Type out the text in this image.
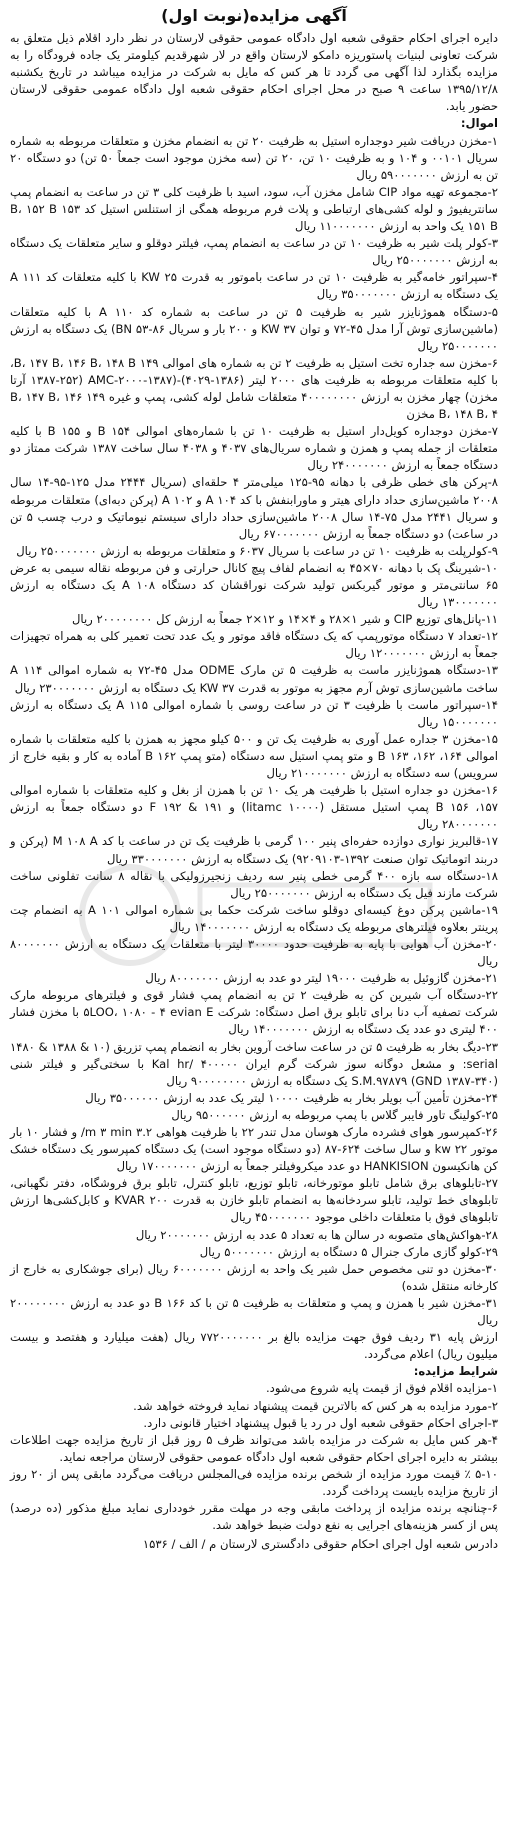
آگهی مزایده(نوبت اول)

دایره اجرای احکام حقوقی شعبه اول دادگاه عمومی حقوقی لارستان در نظر دارد اقلام ذیل متعلق به شرکت تعاونی لبنیات پاستوریزه دامکو لارستان واقع در لار شهرقدیم کیلومتر یک جاده فرودگاه را به مزایده بگذارد لذا آگهی می گردد تا هر کس که مایل به شرکت در مزایده میباشد در تاریخ یکشنبه ۱۳۹۵/۱۲/۸ ساعت ۹ صبح در محل اجرای احکام حقوقی شعبه اول دادگاه عمومی حقوقی لارستان حضور یابد.

اموال:

۱-مخزن دریافت شیر دوجداره استیل به ظرفیت ۲۰ تن به انضمام مخزن و متعلقات مربوطه به شماره سریال ۰۰۱۰۱ و ۱۰۴ و به ظرفیت ۱۰ تن، ۲۰ تن (سه مخزن موجود است جمعاً ۵۰ تن) دو دستگاه ۲۰ تن به ارزش ۵۹۰۰۰۰۰۰۰ ریال

۲-مجموعه تهیه مواد CIP شامل مخزن آب، سود، اسید با ظرفیت کلی ۳ تن در ساعت به انضمام پمپ سانتریفیوژ و لوله کشی‌های ارتباطی و پلات فرم مربوطه همگی از استنلس استیل کد ۱۵۳ B، ۱۵۲ B ۱۵۱ B یک واحد به ارزش ۱۱۰۰۰۰۰۰۰ ریال

۳-کولر پلت شیر به ظرفیت ۱۰ تن در ساعت به انضمام پمپ، فیلتر دوقلو و سایر متعلقات یک دستگاه به ارزش ۲۵۰۰۰۰۰۰۰ ریال

۴-سپراتور خامه‌گیر به ظرفیت ۱۰ تن در ساعت باموتور به قدرت ۲۵ KW با کلیه متعلقات کد ۱۱۱ A یک دستگاه به ارزش ۳۵۰۰۰۰۰۰۰ ریال

۵-دستگاه هموژنایزر شیر به ظرفیت ۵ تن در ساعت به شماره کد ۱۱۰ A با کلیه متعلقات (ماشین‌سازی توش آرا مدل ۴۵-۷۲ و توان ۳۷ KW و ۲۰۰ بار و سریال ۸۶-۵۳ BN) یک دستگاه به ارزش ۲۵۰۰۰۰۰۰۰ ریال

۶-مخزن سه جداره تخت استیل به ظرفیت ۲ تن به شماره های اموالی ۱۴۹ B، ۱۴۷ B، ۱۴۶ B، ۱۴۸ B، با کلیه متعلقات مربوطه به ظرفیت های ۲۰۰۰ لیتر (۱۳۸۶-۴۰۲۹)-(۱۳۸۷-۲۰۰۰-AMC (۱۳۸۷-۲۵۲ آرتا مخزن) چهار مخزن به ارزش ۴۰۰۰۰۰۰۰۰ متعلقات شامل لوله کشی، پمپ و غیره ۱۴۹ B، ۱۴۷ B، ۱۴۶ B، ۱۴۸ B، ۴ مخزن

۷-مخزن دوجداره کویل‌دار استیل به ظرفیت ۱۰ تن با شماره‌های اموالی ۱۵۴ B و ۱۵۵ B با کلیه متعلقات از جمله پمپ و همزن و شماره سریال‌های ۴۰۳۷ و ۴۰۳۸ سال ساخت ۱۳۸۷ شرکت ممتاز دو دستگاه جمعاً به ارزش ۲۴۰۰۰۰۰۰۰ ریال

۸-پرکن های خطی ظرفی با دهانه ۹۵-۱۲۵ میلی‌متر ۴ حلقه‌ای (سریال ۲۴۴۴ مدل ۱۲۵-۹۵-۱۴ سال ۲۰۰۸ ماشین‌سازی حداد دارای هیتر و ماورابنفش با کد ۱۰۴ A و ۱۰۲ A (پرکن دبه‌ای) متعلقات مربوطه و سریال ۲۴۴۱ مدل ۷۵-۱۴ سال ۲۰۰۸ ماشین‌سازی حداد دارای سیستم نیوماتیک و درب چسب ۵ تن در ساعت) دو دستگاه جمعاً به ارزش ۶۷۰۰۰۰۰۰۰ ریال

۹-کولرپلت به ظرفیت ۱۰ تن در ساعت با سریال ۶۰۳۷ و متعلقات مربوطه به ارزش ۲۵۰۰۰۰۰۰۰ ریال

۱۰-شیرینگ پک با دهانه ۷۰×۴۵ به انضمام لفاف پیچ کانال حرارتی و فن مربوطه نقاله سیمی به عرض ۶۵ سانتی‌متر و موتور گیربکس تولید شرکت نوراقشان کد دستگاه ۱۰۸ A یک دستگاه به ارزش ۱۳۰۰۰۰۰۰۰ ریال

۱۱-پانل‌های توزیع CIP و شیر ۱×۲۸ و ۴×۱۴ و ۱۲×۲ جمعاً به ارزش کل ۲۰۰۰۰۰۰۰۰ ریال

۱۲-تعداد ۷ دستگاه موتورپمپ که یک دستگاه فاقد موتور و یک عدد تحت تعمیر کلی به همراه تجهیزات جمعاً به ارزش ۱۲۰۰۰۰۰۰۰ ریال

۱۳-دستگاه هموژنایزر ماست به ظرفیت ۵ تن مارک ODME مدل ۴۵-۷۲ به شماره اموالی ۱۱۴ A ساخت ماشین‌سازی توش آرم مجهز به موتور به قدرت ۳۷ KW یک دستگاه به ارزش ۲۳۰۰۰۰۰۰۰ ریال

۱۴-سپراتور ماست با ظرفیت ۳ تن در ساعت روسی با شماره اموالی ۱۱۵ A یک دستگاه به ارزش ۱۵۰۰۰۰۰۰۰ ریال

۱۵-مخزن ۳ جداره عمل آوری به ظرفیت یک تن و ۵۰۰ کیلو مجهز به همزن با کلیه متعلقات با شماره اموالی ۱۶۴، ۱۶۲، ۱۶۳ B و متو پمپ استیل سه دستگاه (متو پمپ ۱۶۲ B آماده به کار و بقیه خارج از سرویس) سه دستگاه به ارزش ۲۱۰۰۰۰۰۰۰ ریال

۱۶-مخزن دو جداره استیل با ظرفیت هر یک ۱۰ تن با همزن از بغل و کلیه متعلقات با شماره اموالی ۱۵۷، ۱۵۶ B پمپ استیل مستقل (۱۰۰۰۰ litamc) و ۱۹۱ & ۱۹۲ F دو دستگاه جمعاً به ارزش ۲۸۰۰۰۰۰۰۰ ریال

۱۷-قالبریز نواری دوازده حفره‌ای پنیر ۱۰۰ گرمی با ظرفیت یک تن در ساعت با کد M ۱۰۸ A (پرکن و دربند اتوماتیک توان صنعت ۱۳۹۲-۹۲۰۹۱۰۳) یک دستگاه به ارزش ۳۳۰۰۰۰۰۰۰ ریال

۱۸-دستگاه سه بازه ۴۰۰ گرمی خطی پنیر سه ردیف زنجیرزولیکی با نقاله ۸ سانت تفلونی ساخت شرکت مازند فیل یک دستگاه به ارزش ۲۵۰۰۰۰۰۰۰ ریال

۱۹-ماشین پرکن دوغ کیسه‌ای دوقلو ساخت شرکت حکما بی شماره اموالی ۱۰۱ A به انضمام چت پرینتر بعلاوه فیلترهای مربوطه یک دستگاه به ارزش ۱۴۰۰۰۰۰۰۰ ریال

۲۰-مخزن آب هوایی با پایه به ظرفیت حدود ۳۰۰۰۰ لیتر با متعلقات یک دستگاه به ارزش ۸۰۰۰۰۰۰۰ ریال

۲۱-مخزن گازوئیل به ظرفیت ۱۹۰۰۰ لیتر دو عدد به ارزش ۸۰۰۰۰۰۰۰ ریال

۲۲-دستگاه آب شیرین کن به ظرفیت ۲ تن به انضمام پمپ فشار قوی و فیلترهای مربوطه مارک شرکت تصفیه آب دنا برای تابلو برق اصل دستگاه: شرکت ۵LOO، ۱۰۸۰ - ۴ evian E با مخزن فشار ۴۰۰ لیتری دو عدد یک دستگاه به ارزش ۱۴۰۰۰۰۰۰۰ ریال

۲۳-دیگ بخار به ظرفیت ۵ تن در ساعت ساخت آروین بخار به انضمام پمپ تزریق (۱۰ & ۱۳۸۸ & ۱۴۸۰ serial: و مشعل دوگانه سوز شرکت گرم ایران ۴۰۰۰۰۰ /Kal hr با سختی‌گیر و فیلتر شنی S.M.۹۷۸۷۹ (GND ۱۳۸۷-۳۴۰) یک دستگاه به ارزش ۹۰۰۰۰۰۰۰۰ ریال

۲۴-مخزن تأمین آب بویلر بخار به ظرفیت ۱۰۰۰۰ لیتر یک عدد به ارزش ۳۵۰۰۰۰۰۰ ریال

۲۵-کولینگ تاور فایبر گلاس با پمپ مربوطه به ارزش ۹۵۰۰۰۰۰۰ ریال

۲۶-کمپرسور هوای فشرده مارک هوسان مدل تندر ۲۲ با ظرفیت هواهی ۳.۲ m ۳ min/ و فشار ۱۰ بار موتور ۲۲ kw و سال ساخت ۶۲۴-۸۷ (دو دستگاه موجود است) یک دستگاه کمپرسور یک دستگاه خشک کن هانکیسون HANKISION دو عدد میکروفیلتر جمعاً به ارزش ۱۷۰۰۰۰۰۰۰ ریال

۲۷-تابلوهای برق شامل تابلو موتورخانه، تابلو توزیع، تابلو کنترل، تابلو برق فروشگاه، دفتر نگهبانی، تابلوهای خط تولید، تابلو سردخانه‌ها به انضمام تابلو خازن به قدرت ۲۰۰ KVAR و کابل‌کشی‌ها ارزش تابلوهای فوق با متعلقات داخلی موجود ۴۵۰۰۰۰۰۰۰ ریال

۲۸-هواکش‌های متصوبه در سالن ها به تعداد ۵ عدد به ارزش ۲۰۰۰۰۰۰۰ ریال

۲۹-کولو گازی مارک جنرال ۵ دستگاه به ارزش ۵۰۰۰۰۰۰۰ ریال

۳۰-مخزن دو تنی مخصوص حمل شیر یک واحد به ارزش ۶۰۰۰۰۰۰۰ ریال (برای جوشکاری به خارج از کارخانه منتقل شده)

۳۱-مخزن شیر با همزن و پمپ و متعلقات به ظرفیت ۵ تن با کد ۱۶۶ B دو عدد به ارزش ۲۰۰۰۰۰۰۰۰ ریال

ارزش پایه ۳۱ ردیف فوق جهت مزایده بالغ بر ۷۷۲۰۰۰۰۰۰۰ ریال (هفت میلیارد و هفتصد و بیست میلیون ریال) اعلام می‌گردد.

شرایط مزایده:

۱-مزایده اقلام فوق از قیمت پایه شروع می‌شود.

۲-مورد مزایده به هر کس که بالاترین قیمت پیشنهاد نماید فروخته خواهد شد.

۳-اجرای احکام حقوقی شعبه اول در رد یا قبول پیشنهاد اختیار قانونی دارد.

۴-هر کس مایل به شرکت در مزایده باشد می‌تواند ظرف ۵ روز قبل از تاریخ مزایده جهت اطلاعات بیشتر به دایره اجرای احکام حقوقی شعبه اول دادگاه عمومی حقوقی لارستان مراجعه نماید.

۵-۱۰ ٪ قیمت مورد مزایده از شخص برنده مزایده فی‌المجلس دریافت می‌گردد مابقی پس از ۲۰ روز از تاریخ مزایده بایست پرداخت گردد.

۶-چنانچه برنده مزایده از پرداخت مابقی وجه در مهلت مقرر خودداری نماید مبلغ مذکور (ده درصد) پس از کسر هزینه‌های اجرایی به نفع دولت ضبط خواهد شد.

دادرس شعبه اول اجرای احکام حقوقی دادگستری لارستان م / الف / ۱۵۳۶
